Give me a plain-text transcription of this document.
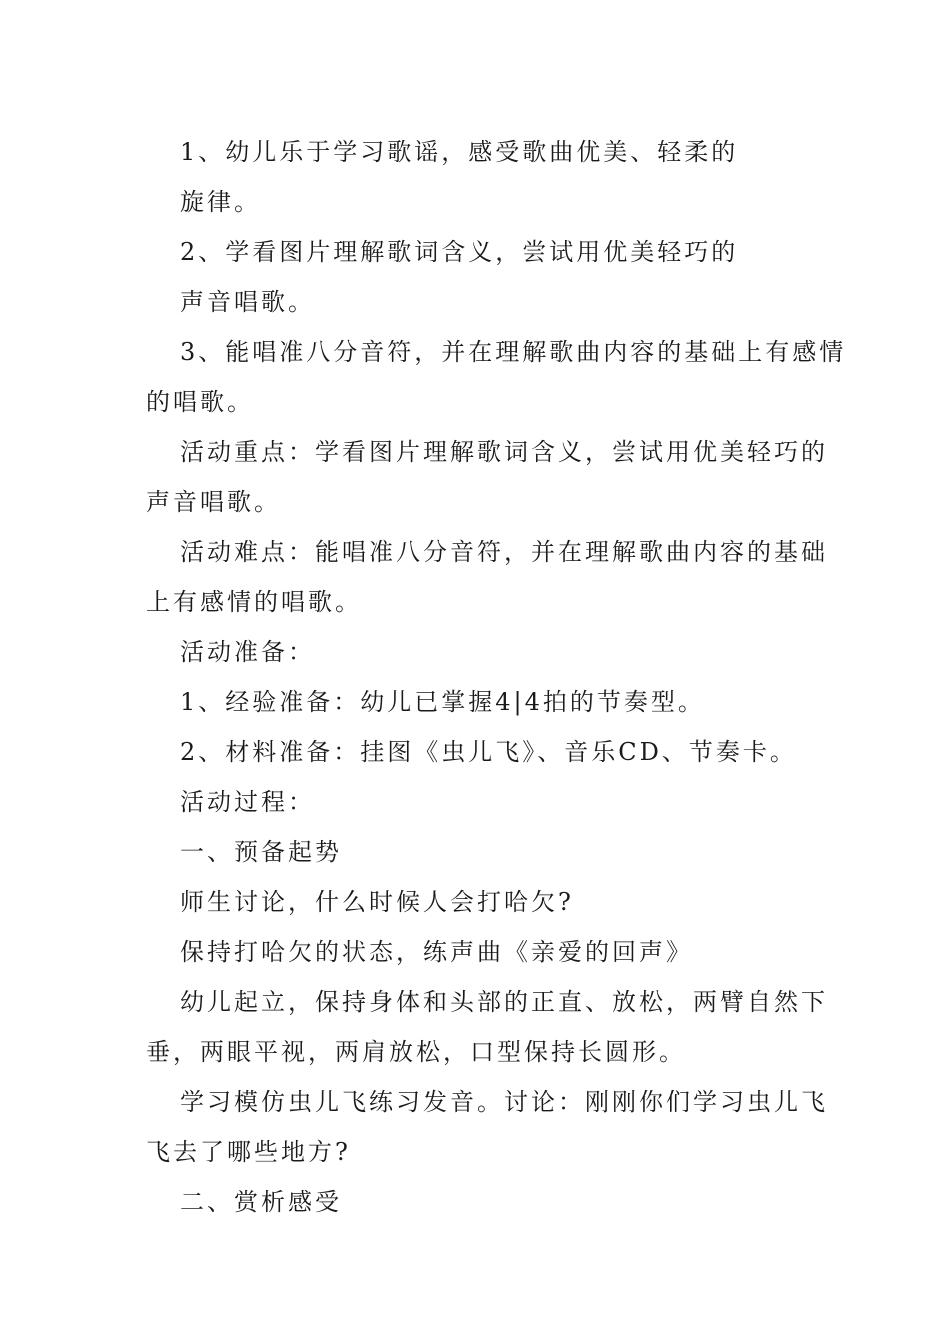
1、幼儿乐于学习歌谣，感受歌曲优美、轻柔的
旋律。
2、学看图片理解歌词含义，尝试用优美轻巧的
声音唱歌。
3、能唱准八分音符，并在理解歌曲内容的基础上有感情
的唱歌。
活动重点：学看图片理解歌词含义，尝试用优美轻巧的
声音唱歌。
活动难点：能唱准八分音符，并在理解歌曲内容的基础
上有感情的唱歌。
活动准备：
1、经验准备：幼儿已掌握4|4拍的节奏型。
2、材料准备：挂图《虫儿飞》、音乐CD、节奏卡。
活动过程：
一、预备起势
师生讨论，什么时候人会打哈欠?
保持打哈欠的状态，练声曲《亲爱的回声》
幼儿起立，保持身体和头部的正直、放松，两臂自然下
垂，两眼平视，两肩放松，口型保持长圆形。
学习模仿虫儿飞练习发音。讨论：刚刚你们学习虫儿飞
飞去了哪些地方?
二、赏析感受
